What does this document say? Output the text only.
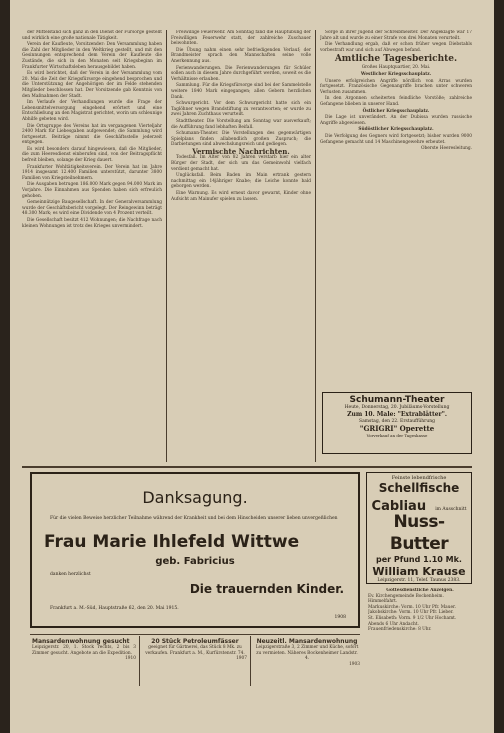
der Mittelstand sich ganz in den Dienst der Fürsorge gestellt und wirklich eine große nationale Tätigkeit.

Verein der Kaufleute, Vorsitzender: Den Versammlung haben die Zahl der Mitglieder in den Weltkrieg gestellt, und mit den Gesinnungen entsprechend dem Verein der Kaufleute die Zustände, die sich in den Monaten seit Kriegsbeginn im Frankfurter Wirtschaftsleben herausgebildet haben.

Es wird berichtet, daß der Verein in der Versammlung vom 20. Mai die Zeit der Kriegsfürsorge eingehend besprochen und die Unterstützung der Angehörigen der im Felde stehenden Mitglieder beschlossen hat. Der Vorsitzende gab Kenntnis von den Maßnahmen der Stadt.

Im Verlaufe der Verhandlungen wurde die Frage der Lebensmittelversorgung eingehend erörtert und eine Entschließung an den Magistrat gerichtet, worin um schleunige Abhilfe gebeten wird.

Die Ortsgruppe des Vereins hat im vergangenen Vierteljahr 2400 Mark für Liebesgaben aufgewendet; die Sammlung wird fortgesetzt. Beiträge nimmt die Geschäftsstelle jederzeit entgegen.

Es wird besonders darauf hingewiesen, daß die Mitglieder, die zum Heeresdienst einberufen sind, von der Beitragspflicht befreit bleiben, solange der Krieg dauert.

Frankfurter Wohltätigkeitsverein. Der Verein hat im Jahre 1914 insgesamt 12.400 Familien unterstützt, darunter 3800 Familien von Kriegsteilnehmern.

Die Ausgaben betrugen 186.000 Mark gegen 94.000 Mark im Vorjahre. Die Einnahmen aus Spenden haben sich erfreulich gehoben.

Gemeinnützige Baugesellschaft. In der Generalversammlung wurde der Geschäftsbericht vorgelegt. Der Reingewinn beträgt 48.300 Mark; es wird eine Dividende von 4 Prozent verteilt.

Die Gesellschaft besitzt 412 Wohnungen; die Nachfrage nach kleinen Wohnungen ist trotz des Krieges unvermindert.

Freiwillige Feuerwehr. Am Sonntag fand die Hauptübung der Freiwilligen Feuerwehr statt, der zahlreiche Zuschauer beiwohnten.

Die Übung nahm einen sehr befriedigenden Verlauf; der Brandmeister sprach den Mannschaften seine volle Anerkennung aus.

Ferienwanderungen. Die Ferienwanderungen für Schüler sollen auch in diesem Jahre durchgeführt werden, soweit es die Verhältnisse erlauben.

Sammlung. Für die Kriegsfürsorge sind bei der Sammelstelle weitere 1840 Mark eingegangen; allen Gebern herzlichen Dank.

Schwurgericht. Vor dem Schwurgericht hatte sich ein Taglöhner wegen Brandstiftung zu verantworten; er wurde zu zwei Jahren Zuchthaus verurteilt.

Stadttheater. Die Vorstellung am Sonntag war ausverkauft; die Aufführung fand lebhaften Beifall.

Schumann-Theater. Die Vorstellungen des gegenwärtigen Spielplans finden allabendlich großen Zuspruch; die Darbietungen sind abwechslungsreich und gediegen.

Vermischte Nachrichten.

Todesfall. Im Alter von 82 Jahren verstarb hier ein alter Bürger der Stadt, der sich um das Gemeinwohl vielfach verdient gemacht hat.

Unglücksfall. Beim Baden im Main ertrank gestern nachmittag ein 14jähriger Knabe; die Leiche konnte bald geborgen werden.

Eine Warnung. Es wird erneut davor gewarnt, Kinder ohne Aufsicht am Mainufer spielen zu lassen.

Sorge in ihrer Jugend der Schreibmeister. Der Angeklagte war 17 Jahre alt und wurde zu einer Strafe von drei Monaten verurteilt.

Die Verhandlung ergab, daß er schon früher wegen Diebstahls vorbestraft war und sich auf Abwegen befand.

Amtliche Tagesberichte.

Großes Hauptquartier, 20. Mai.

Westlicher Kriegsschauplatz.

Unsere erfolgreichen Angriffe nördlich von Arras wurden fortgesetzt. Französische Gegenangriffe brachen unter schweren Verlusten zusammen.

In den Argonnen scheiterten feindliche Vorstöße; zahlreiche Gefangene blieben in unserer Hand.

Östlicher Kriegsschauplatz.

Die Lage ist unverändert. An der Dubissa wurden russische Angriffe abgewiesen.

Südöstlicher Kriegsschauplatz.

Die Verfolgung des Gegners wird fortgesetzt; bisher wurden 9000 Gefangene gemacht und 14 Maschinengewehre erbeutet.

Oberste Heeresleitung.

Schumann-Theater
Heute, Donnerstag, 20. Jubiläums-Vorstellung
Zum 10. Male: "Extrablätter".
Samstag, den 22. Erstaufführung
"GRIGRI" Operette
Vorverkauf an der Tageskasse
Danksagung.
Für die vielen Beweise herzlicher Teilnahme während der Krankheit und bei dem Hinscheiden unserer lieben unvergeßlichen
Frau Marie Ihlefeld Wittwe
geb. Fabricius
danken herzlichst
Die trauernden Kinder.
Frankfurt a. M.-Süd, Hauptstraße 62, den 20. Mai 1915.
1908
Feinste lebendfrische
Schellfische
Cabliau im Ausschnitt
Nuss-Butter
per Pfund 1.10 Mk.
William Krause
Leipzigerstr. 11, Telef. Taunus 2383.
Gottesdienstliche Anzeigen.
Ev. Kirchengemeinde Bockenheim.
Himmelfahrt.
Markuskirche: Vorm. 10 Uhr Pfr. Mauer.
Jakobskirche: Vorm. 10 Uhr Pfr. Lieber.
St. Elisabeth: Vorm. 9 1/2 Uhr Hochamt.
Abends 6 Uhr Andacht.
Frauenfriedenskirche: 8 Uhr.
Mansardenwohnung gesucht
Leipzigerstr. 20, 1. Stock rechts, 2 bis 3 Zimmer gesucht. Angebote an die Expedition.
1910
20 Stück Petroleumfässer
geeignet für Gärtnerei, das Stück 8 Mk. zu verkaufen. Frankfurt a. M., Kurfürstenstr. 74.
1907
Neuzeitl. Mansardenwohnung
Leipzigerstraße 3, 2 Zimmer und Küche, sofort zu vermieten. Näheres Bockenheimer Landstr. 4.
1903
